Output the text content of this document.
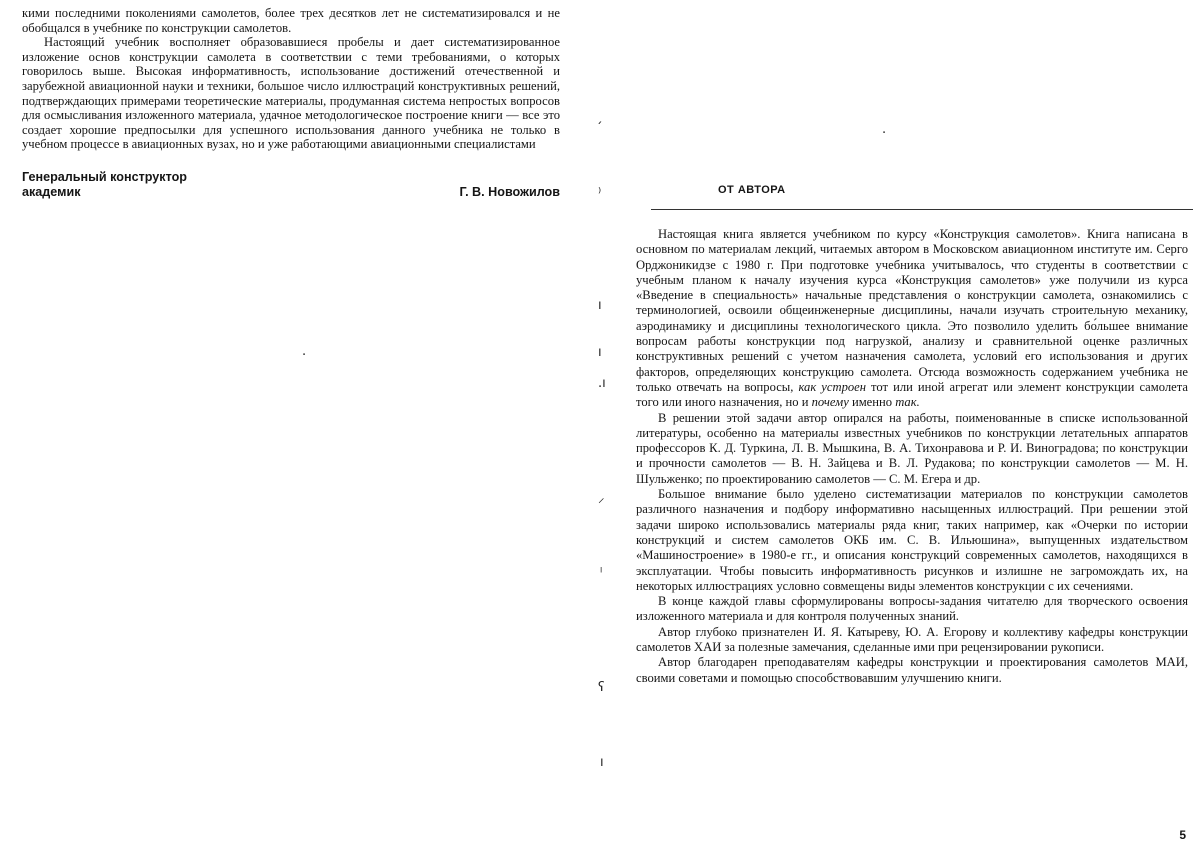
кими последними поколениями самолетов, более трех десятков лет не систематизировался и не обобщался в учебнике по конструкции самолетов.

Настоящий учебник восполняет образовавшиеся пробелы и дает систематизированное изложение основ конструкции самолета в соответствии с теми требованиями, о которых говорилось выше. Высокая информативность, использование достижений отечественной и зарубежной авиационной науки и техники, большое число иллюстраций конструктивных решений, подтверждающих примерами теоретические материалы, продуманная система непростых вопросов для осмысливания изложенного материала, удачное методологическое построение книги — все это создает хорошие предпосылки для успешного использования данного учебника не только в учебном процессе в авиационных вузах, но и уже работающими авиационными специалистами

Генеральный конструктор
академик	Г. В. Новожилов
ˏ
⁾
ı
ı
.ı
⸝
ˡ
ʕ
ı
·
·
ОТ АВТОРА

Настоящая книга является учебником по курсу «Конструкция самолетов». Книга написана в основном по материалам лекций, читаемых автором в Московском авиационном институте им. Серго Орджоникидзе с 1980 г. При подготовке учебника учитывалось, что студенты в соответствии с учебным планом к началу изучения курса «Конструкция самолетов» уже получили из курса «Введение в специальность» начальные представления о конструкции самолета, ознакомились с терминологией, освоили общеинженерные дисциплины, начали изучать строительную механику, аэродинамику и дисциплины технологического цикла. Это позволило уделить бо́льшее внимание вопросам работы конструкции под нагрузкой, анализу и сравнительной оценке различных конструктивных решений с учетом назначения самолета, условий его использования и других факторов, определяющих конструкцию самолета. Отсюда возможность содержанием учебника не только отвечать на вопросы, как устроен тот или иной агрегат или элемент конструкции самолета того или иного назначения, но и почему именно так.

В решении этой задачи автор опирался на работы, поименованные в списке использованной литературы, особенно на материалы известных учебников по конструкции летательных аппаратов профессоров К. Д. Туркина, Л. В. Мышкина, В. А. Тихонравова и Р. И. Виноградова; по конструкции и прочности самолетов — В. Н. Зайцева и В. Л. Рудакова; по конструкции самолетов — М. Н. Шульженко; по проектированию самолетов — С. М. Егера и др.

Большое внимание было уделено систематизации материалов по конструкции самолетов различного назначения и подбору информативно насыщенных иллюстраций. При решении этой задачи широко использовались материалы ряда книг, таких например, как «Очерки по истории конструкций и систем самолетов ОКБ им. С. В. Ильюшина», выпущенных издательством «Машиностроение» в 1980-е гг., и описания конструкций современных самолетов, находящихся в эксплуатации. Чтобы повысить информативность рисунков и излишне не загромождать их, на некоторых иллюстрациях условно совмещены виды элементов конструкции с их сечениями.

В конце каждой главы сформулированы вопросы-задания читателю для творческого освоения изложенного материала и для контроля полученных знаний.

Автор глубоко признателен И. Я. Катыреву, Ю. А. Егорову и коллективу кафедры конструкции самолетов ХАИ за полезные замечания, сделанные ими при рецензировании рукописи.

Автор благодарен преподавателям кафедры конструкции и проектирования самолетов МАИ, своими советами и помощью способствовавшим улучшению книги.

5
